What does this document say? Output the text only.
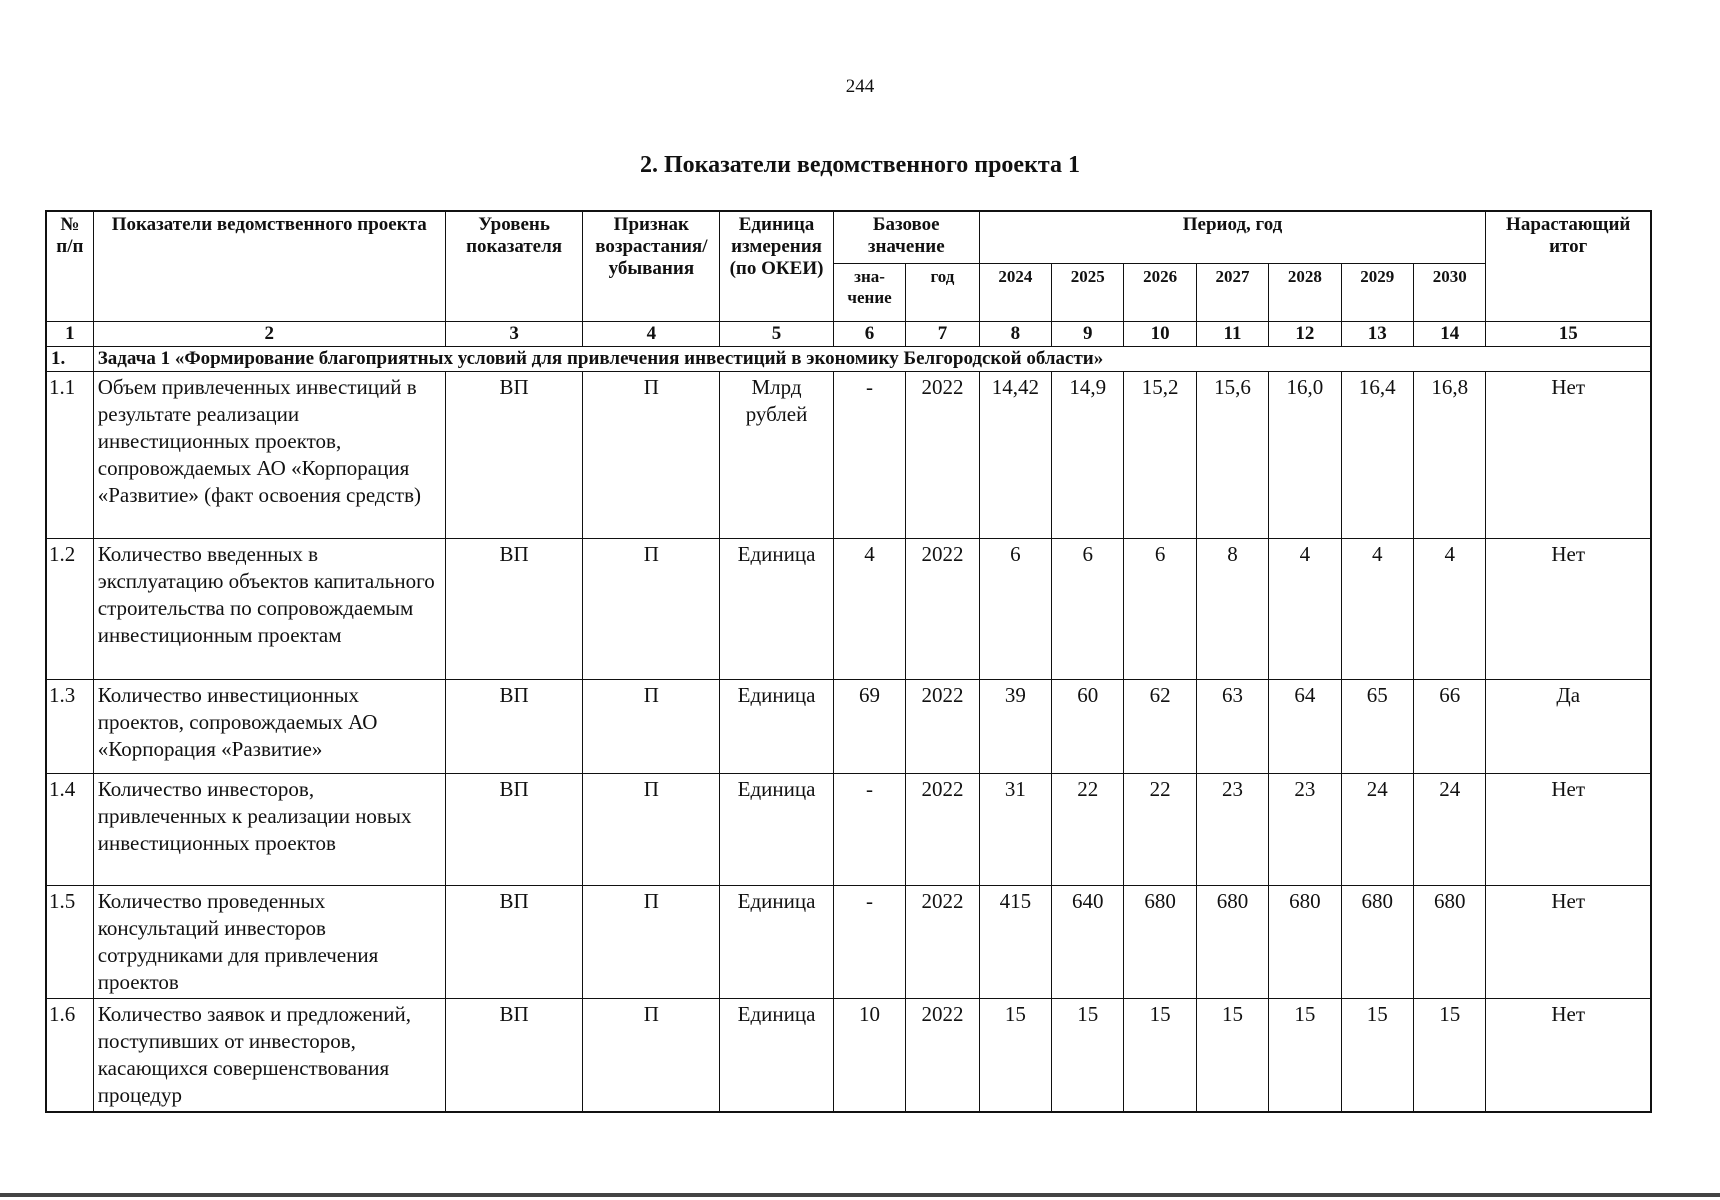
244
2. Показатели ведомственного проекта 1
№ п/п	Показатели ведомственного проекта	Уровень показателя	Признак возрастания/ убывания	Единица измерения (по ОКЕИ)	Базовое значение		Период, год							Нарастающий итог
					зна-чение	год	2024	2025	2026	2027	2028	2029	2030	
1	2	3	4	5	6	7	8	9	10	11	12	13	14	15
1.	Задача 1 «Формирование благоприятных условий для привлечения инвестиций в экономику Белгородской области»													
1.1	Объем привлеченных инвестиций в результате реализации инвестиционных проектов, сопровождаемых АО «Корпорация «Развитие» (факт освоения средств)	ВП	П	Млрд рублей	-	2022	14,42	14,9	15,2	15,6	16,0	16,4	16,8	Нет
1.2	Количество введенных в эксплуатацию объектов капитального строительства по сопровождаемым инвестиционным проектам	ВП	П	Единица	4	2022	6	6	6	8	4	4	4	Нет
1.3	Количество инвестиционных проектов, сопровождаемых АО «Корпорация «Развитие»	ВП	П	Единица	69	2022	39	60	62	63	64	65	66	Да
1.4	Количество инвесторов, привлеченных к реализации новых инвестиционных проектов	ВП	П	Единица	-	2022	31	22	22	23	23	24	24	Нет
1.5	Количество проведенных консультаций инвесторов сотрудниками для привлечения проектов	ВП	П	Единица	-	2022	415	640	680	680	680	680	680	Нет
1.6	Количество заявок и предложений, поступивших от инвесторов, касающихся совершенствования процедур	ВП	П	Единица	10	2022	15	15	15	15	15	15	15	Нет
